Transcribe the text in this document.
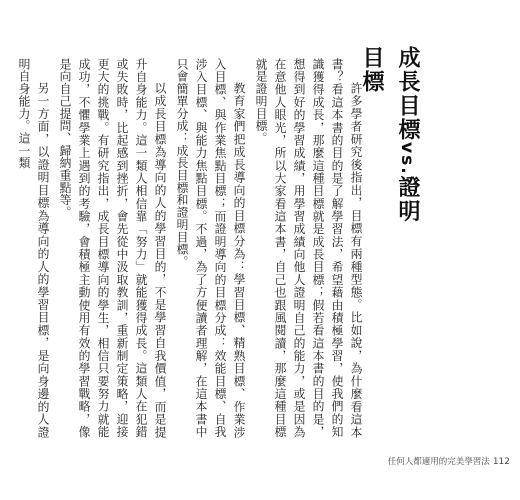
成長目標vs.證明目標

許多學者研究後指出，目標有兩種型態。比如說，為什麼看這本書？看這本書的目的是了解學習法，希望藉由積極學習，使我們的知識獲得成長，那麼這種目標就是成長目標；假若看這本書的目的是，想得到好的學習成績，用學習成績向他人證明自己的能力，或是因為在意他人眼光，所以大家看這本書，自己也跟風閱讀，那麼這種目標就是證明目標。

教育家們把成長導向的目標分為：學習目標、精熟目標、作業涉入目標、與作業焦點目標；而證明導向的目標分成：效能目標、自我涉入目標、與能力焦點目標。不過，為了方便讀者理解，在這本書中只會簡單分成：成長目標和證明目標。

以成長目標為導向的人的學習目的，不是學習自我價值，而是提升自身能力。這一類人相信靠「努力」就能獲得成長。這類人在犯錯或失敗時，比起感到挫折，會先從中汲取教訓，重新制定策略，迎接更大的挑戰。有研究指出，成長目標導向的學生，相信只要努力就能成功，不懼學業上遇到的考驗，會積極主動使用有效的學習戰略，像是向自己提問、歸納重點等。

另一方面，以證明目標為導向的人的學習目標，是向身邊的人證明自身能力。這一類

任何人都適用的完美學習法 112
